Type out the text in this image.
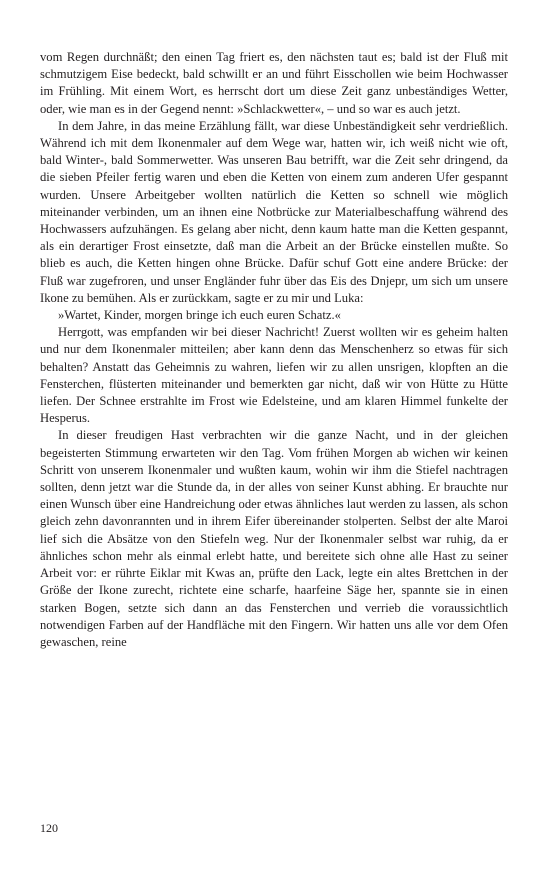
vom Regen durchnäßt; den einen Tag friert es, den nächsten taut es; bald ist der Fluß mit schmutzigem Eise bedeckt, bald schwillt er an und führt Eisschollen wie beim Hochwasser im Frühling. Mit einem Wort, es herrscht dort um diese Zeit ganz unbeständiges Wetter, oder, wie man es in der Gegend nennt: »Schlackwetter«, – und so war es auch jetzt.

In dem Jahre, in das meine Erzählung fällt, war diese Unbeständigkeit sehr verdrießlich. Während ich mit dem Ikonenmaler auf dem Wege war, hatten wir, ich weiß nicht wie oft, bald Winter-, bald Sommerwetter. Was unseren Bau betrifft, war die Zeit sehr dringend, da die sieben Pfeiler fertig waren und eben die Ketten von einem zum anderen Ufer gespannt wurden. Unsere Arbeitgeber wollten natürlich die Ketten so schnell wie möglich miteinander verbinden, um an ihnen eine Notbrücke zur Materialbeschaffung während des Hochwassers aufzuhängen. Es gelang aber nicht, denn kaum hatte man die Ketten gespannt, als ein derartiger Frost einsetzte, daß man die Arbeit an der Brücke einstellen mußte. So blieb es auch, die Ketten hingen ohne Brücke. Dafür schuf Gott eine andere Brücke: der Fluß war zugefroren, und unser Engländer fuhr über das Eis des Dnjepr, um sich um unsere Ikone zu bemühen. Als er zurückkam, sagte er zu mir und Luka:

»Wartet, Kinder, morgen bringe ich euch euren Schatz.«

Herrgott, was empfanden wir bei dieser Nachricht! Zuerst wollten wir es geheim halten und nur dem Ikonenmaler mitteilen; aber kann denn das Menschenherz so etwas für sich behalten? Anstatt das Geheimnis zu wahren, liefen wir zu allen unsrigen, klopften an die Fensterchen, flüsterten miteinander und bemerkten gar nicht, daß wir von Hütte zu Hütte liefen. Der Schnee erstrahlte im Frost wie Edelsteine, und am klaren Himmel funkelte der Hesperus.

In dieser freudigen Hast verbrachten wir die ganze Nacht, und in der gleichen begeisterten Stimmung erwarteten wir den Tag. Vom frühen Morgen ab wichen wir keinen Schritt von unserem Ikonenmaler und wußten kaum, wohin wir ihm die Stiefel nachtragen sollten, denn jetzt war die Stunde da, in der alles von seiner Kunst abhing. Er brauchte nur einen Wunsch über eine Handreichung oder etwas ähnliches laut werden zu lassen, als schon gleich zehn davonrannten und in ihrem Eifer übereinander stolperten. Selbst der alte Maroi lief sich die Absätze von den Stiefeln weg. Nur der Ikonenmaler selbst war ruhig, da er ähnliches schon mehr als einmal erlebt hatte, und bereitete sich ohne alle Hast zu seiner Arbeit vor: er rührte Eiklar mit Kwas an, prüfte den Lack, legte ein altes Brettchen in der Größe der Ikone zurecht, richtete eine scharfe, haarfeine Säge her, spannte sie in einen starken Bogen, setzte sich dann an das Fensterchen und verrieb die voraussichtlich notwendigen Farben auf der Handfläche mit den Fingern. Wir hatten uns alle vor dem Ofen gewaschen, reine

120
